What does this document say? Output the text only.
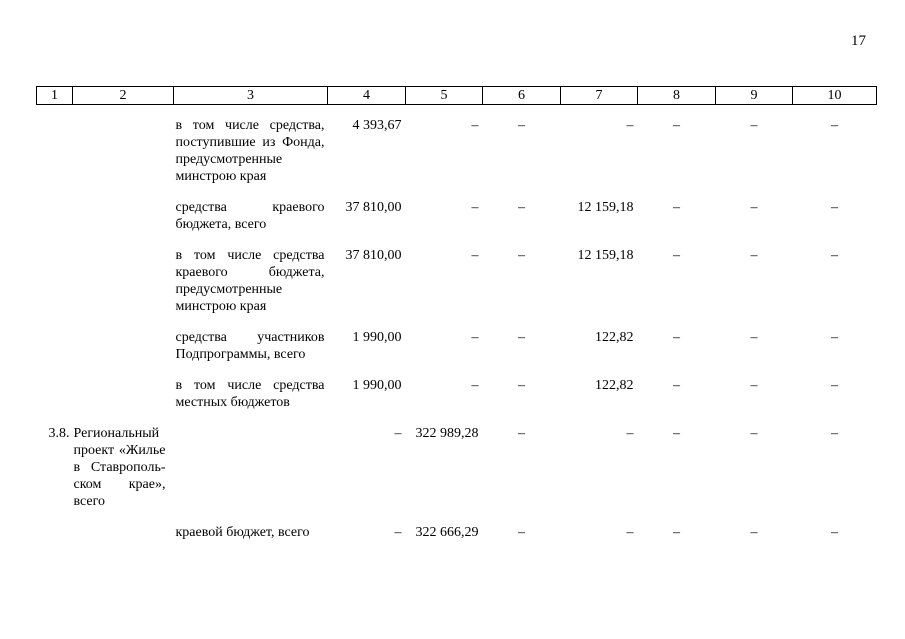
17
1	2	3	4	5	6	7	8	9	10

		в том числе средства, поступившие из Фонда, предусмотренные минстрою края	4 393,67	–	–	–	–	–	–

		средства краевого бюджета, всего	37 810,00	–	–	12 159,18	–	–	–

		в том числе средства краевого бюджета, предусмотренные минстрою края	37 810,00	–	–	12 159,18	–	–	–

		средства участников Подпрограммы, всего	1 990,00	–	–	122,82	–	–	–

		в том числе средства местных бюджетов	1 990,00	–	–	122,82	–	–	–

3.8.	Региональный проект «Жилье в Ставрополь-ском крае», всего		–	322 989,28	–	–	–	–	–

		краевой бюджет, всего	–	322 666,29	–	–	–	–	–
